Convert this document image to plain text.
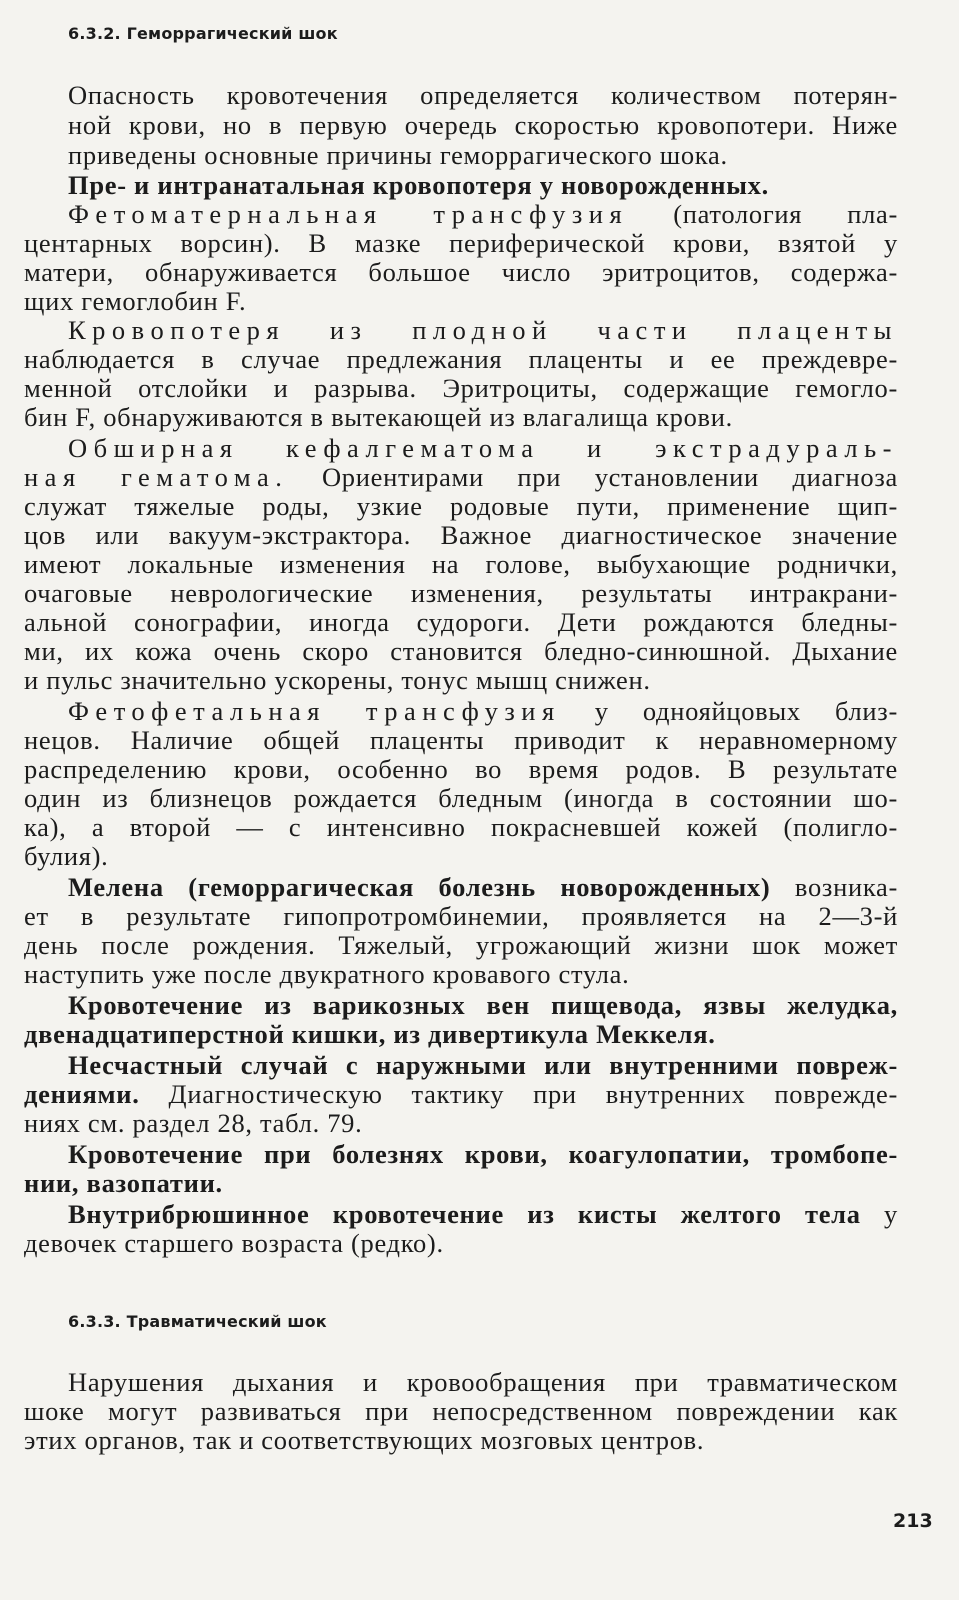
6.3.2. Геморрагический шок
Опасность кровотечения определяется количеством потерян-
ной крови, но в первую очередь скоростью кровопотери. Ниже
приведены основные причины геморрагического шока.
Пре- и интранатальная кровопотеря у новорожденных.
Фетоматернальная трансфузия (патология пла-
центарных ворсин). В мазке периферической крови, взятой у
матери, обнаруживается большое число эритроцитов, содержа-
щих гемоглобин F.
Кровопотеря из плодной части плаценты
наблюдается в случае предлежания плаценты и ее преждевре-
менной отслойки и разрыва. Эритроциты, содержащие гемогло-
бин F, обнаруживаются в вытекающей из влагалища крови.
Обширная кефалгематома и экстрадураль-
ная гематома. Ориентирами при установлении диагноза
служат тяжелые роды, узкие родовые пути, применение щип-
цов или вакуум-экстрактора. Важное диагностическое значение
имеют локальные изменения на голове, выбухающие роднички,
очаговые неврологические изменения, результаты интракрани-
альной сонографии, иногда судороги. Дети рождаются бледны-
ми, их кожа очень скоро становится бледно-синюшной. Дыхание
и пульс значительно ускорены, тонус мышц снижен.
Фетофетальная трансфузия у однояйцовых близ-
нецов. Наличие общей плаценты приводит к неравномерному
распределению крови, особенно во время родов. В результате
один из близнецов рождается бледным (иногда в состоянии шо-
ка), а второй — с интенсивно покрасневшей кожей (полигло-
булия).
Мелена (геморрагическая болезнь новорожденных) возника-
ет в результате гипопротромбинемии, проявляется на 2—3-й
день после рождения. Тяжелый, угрожающий жизни шок может
наступить уже после двукратного кровавого стула.
Кровотечение из варикозных вен пищевода, язвы желудка,
двенадцатиперстной кишки, из дивертикула Меккеля.
Несчастный случай с наружными или внутренними повреж-
дениями. Диагностическую тактику при внутренних поврежде-
ниях см. раздел 28, табл. 79.
Кровотечение при болезнях крови, коагулопатии, тромбопе-
нии, вазопатии.
Внутрибрюшинное кровотечение из кисты желтого тела у
девочек старшего возраста (редко).
6.3.3. Травматический шок
Нарушения дыхания и кровообращения при травматическом
шоке могут развиваться при непосредственном повреждении как
этих органов, так и соответствующих мозговых центров.
213
